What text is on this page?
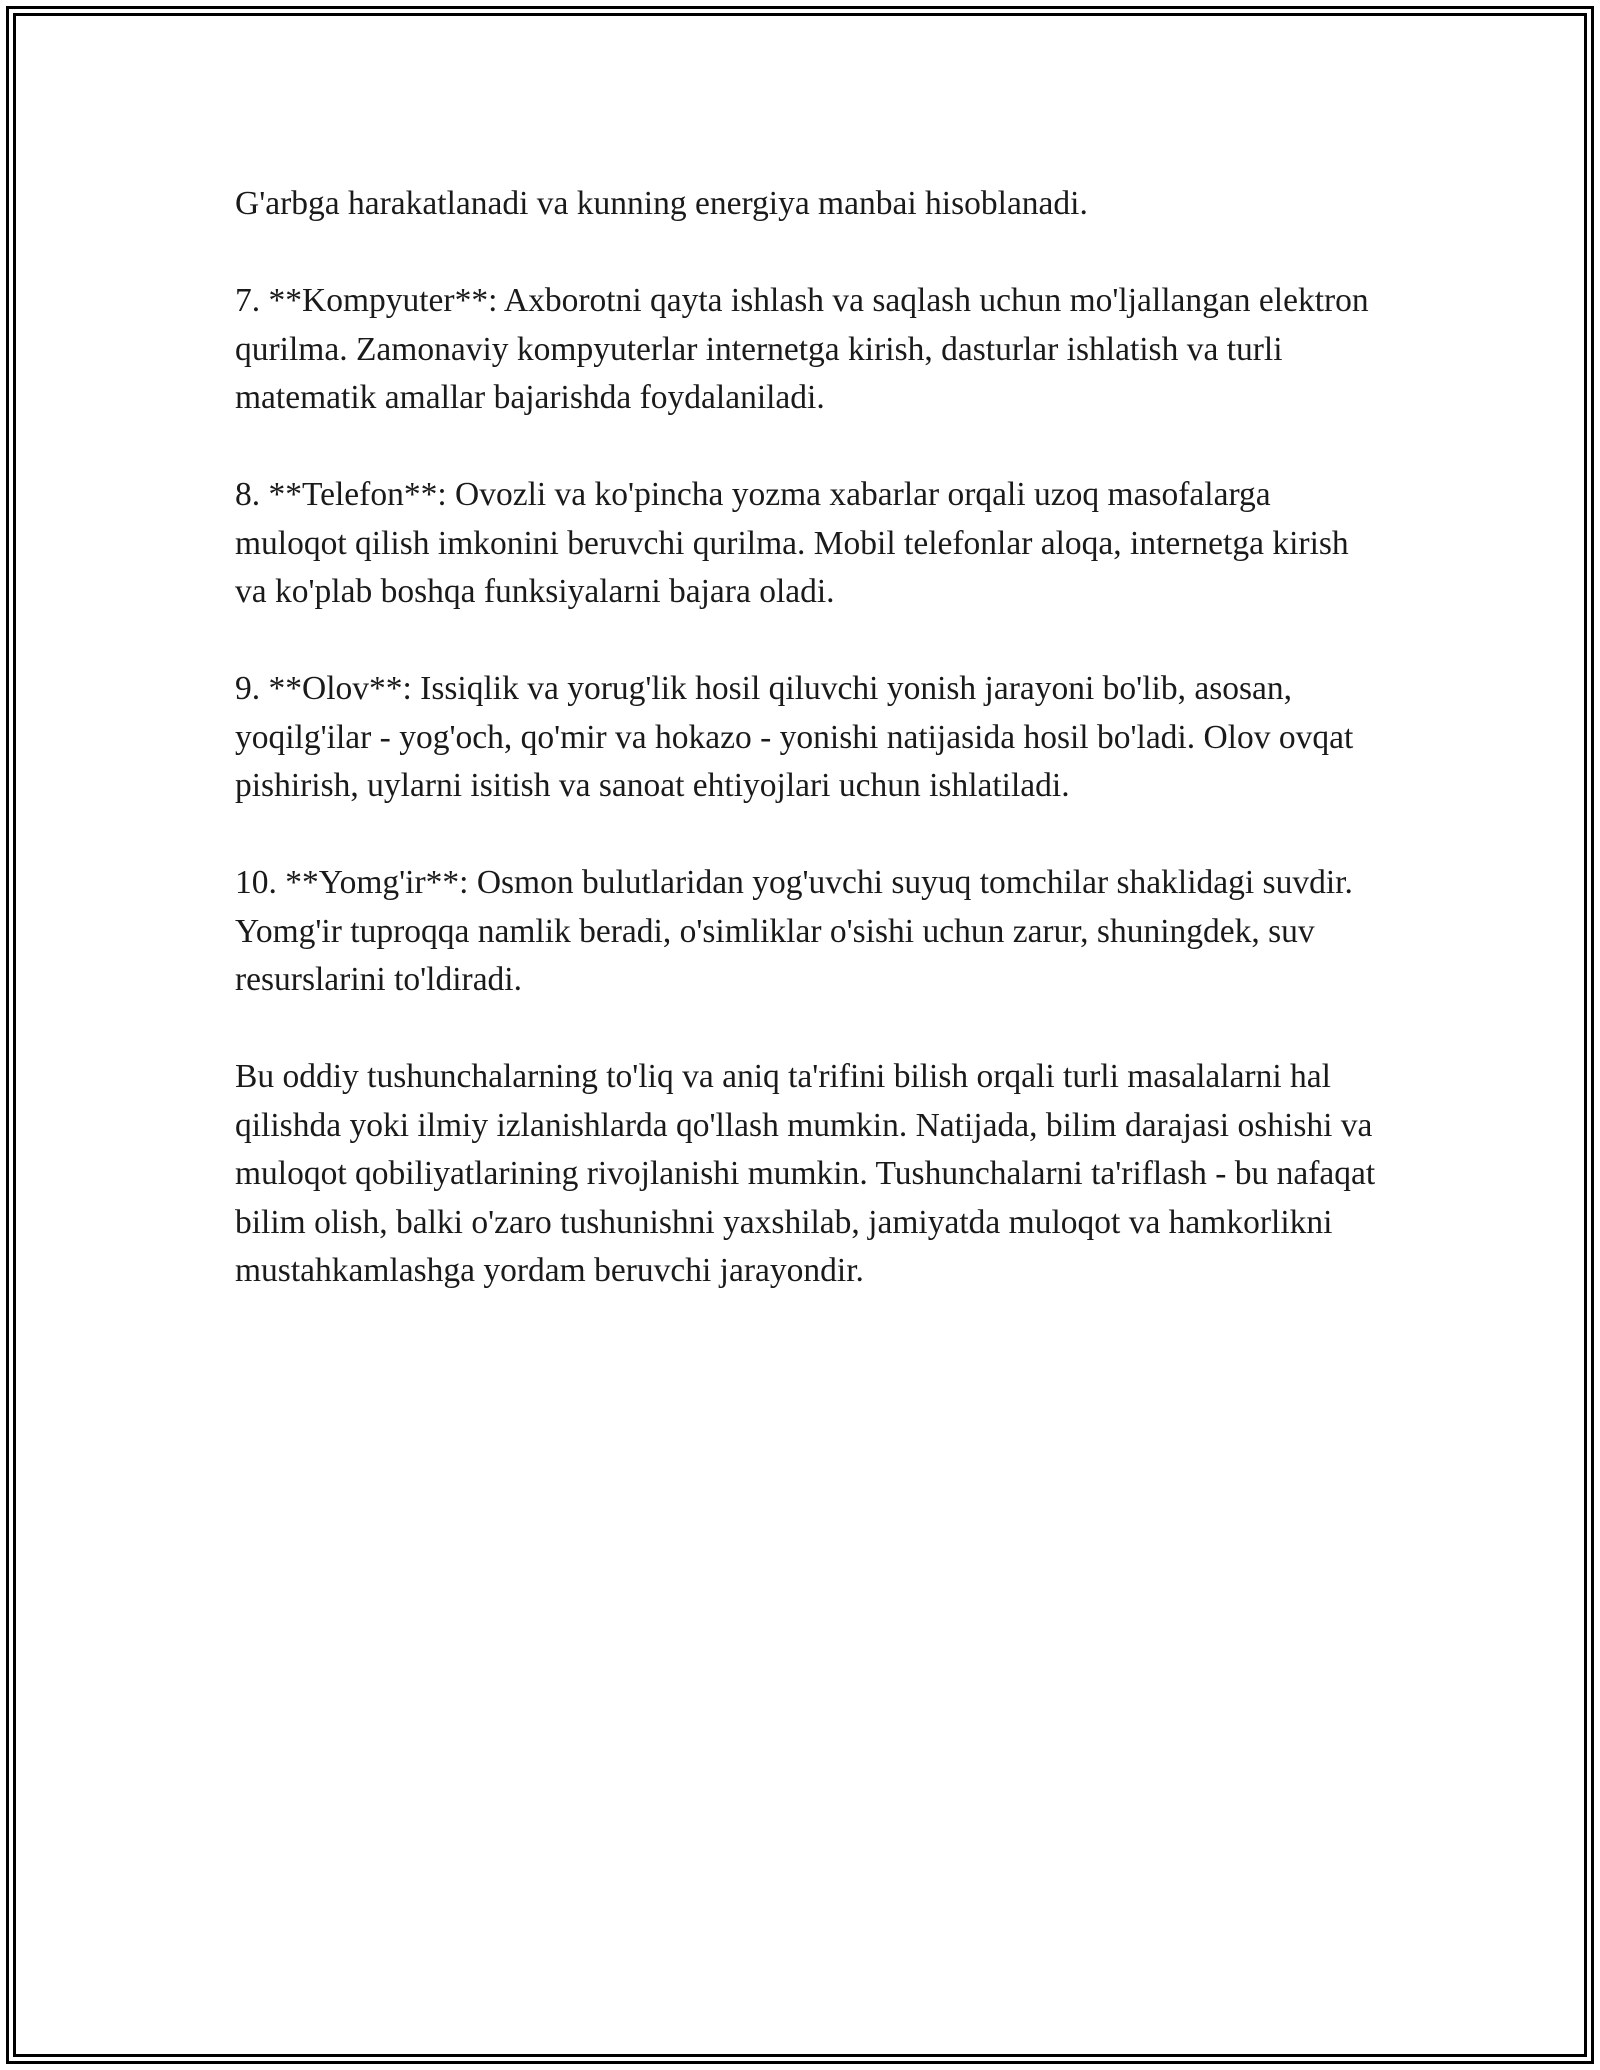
G'arbga harakatlanadi va kunning energiya manbai hisoblanadi.

7. **Kompyuter**: Axborotni qayta ishlash va saqlash uchun mo'ljallangan elektron qurilma. Zamonaviy kompyuterlar internetga kirish, dasturlar ishlatish va turli matematik amallar bajarishda foydalaniladi.

8. **Telefon**: Ovozli va ko'pincha yozma xabarlar orqali uzoq masofalarga muloqot qilish imkonini beruvchi qurilma. Mobil telefonlar aloqa, internetga kirish va ko'plab boshqa funksiyalarni bajara oladi.

9. **Olov**: Issiqlik va yorug'lik hosil qiluvchi yonish jarayoni bo'lib, asosan, yoqilg'ilar - yog'och, qo'mir va hokazo - yonishi natijasida hosil bo'ladi. Olov ovqat pishirish, uylarni isitish va sanoat ehtiyojlari uchun ishlatiladi.

10. **Yomg'ir**: Osmon bulutlaridan yog'uvchi suyuq tomchilar shaklidagi suvdir. Yomg'ir tuproqqa namlik beradi, o'simliklar o'sishi uchun zarur, shuningdek, suv resurslarini to'ldiradi.

Bu oddiy tushunchalarning to'liq va aniq ta'rifini bilish orqali turli masalalarni hal qilishda yoki ilmiy izlanishlarda qo'llash mumkin. Natijada, bilim darajasi oshishi va muloqot qobiliyatlarining rivojlanishi mumkin. Tushunchalarni ta'riflash - bu nafaqat bilim olish, balki o'zaro tushunishni yaxshilab, jamiyatda muloqot va hamkorlikni mustahkamlashga yordam beruvchi jarayondir.
